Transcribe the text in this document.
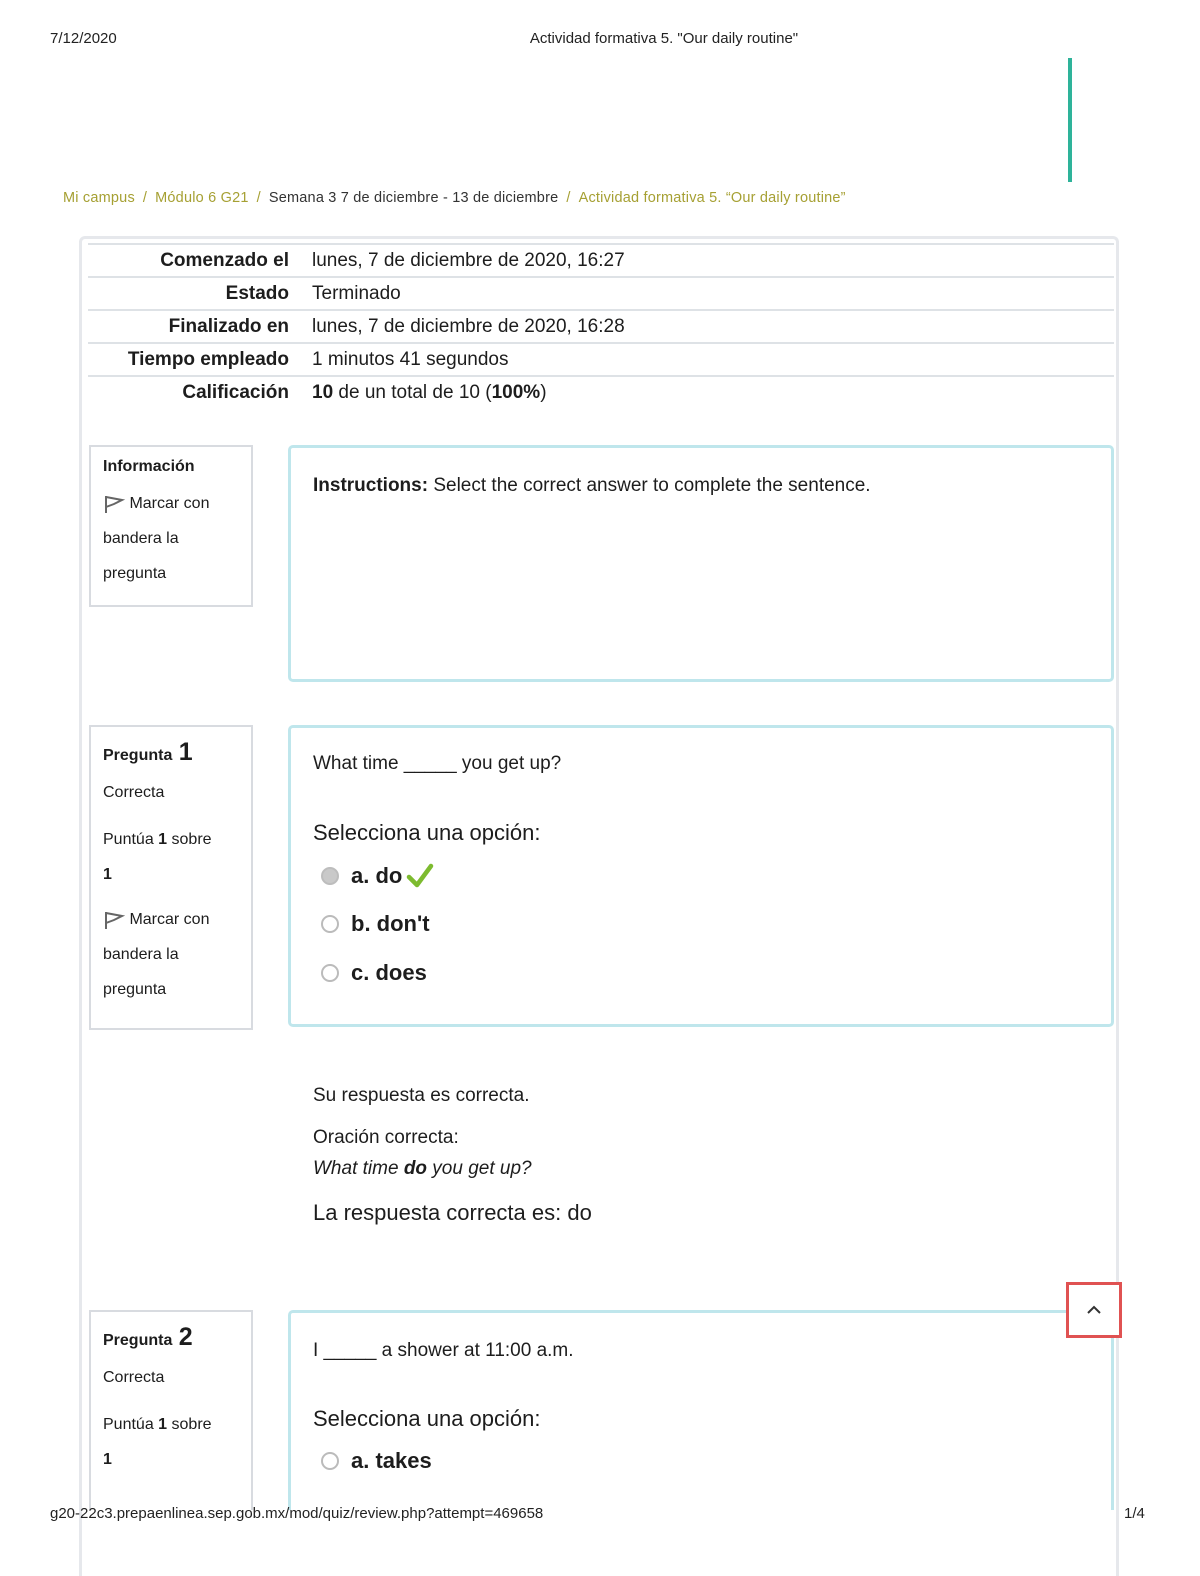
7/12/2020	Actividad formativa 5. "Our daily routine"
Mi campus / Módulo 6 G21 / Semana 3 7 de diciembre - 13 de diciembre / Actividad formativa 5. “Our daily routine”
Comenzado el lunes, 7 de diciembre de 2020, 16:27
Estado Terminado
Finalizado en lunes, 7 de diciembre de 2020, 16:28
Tiempo empleado 1 minutos 41 segundos
Calificación 10 de un total de 10 (100%)
Información
Marcar con bandera la pregunta
Instructions: Select the correct answer to complete the sentence.
Pregunta 1
Correcta
Puntúa 1 sobre
1
Marcar con bandera la pregunta
What time _____ you get up?
Selecciona una opción:
a. do
b. don't
c. does
Su respuesta es correcta.
Oración correcta:
What time do you get up?
La respuesta correcta es: do
Pregunta 2
Correcta
Puntúa 1 sobre
1
I _____ a shower at 11:00 a.m.
Selecciona una opción:
a. takes
g20-22c3.prepaenlinea.sep.gob.mx/mod/quiz/review.php?attempt=469658	1/4
